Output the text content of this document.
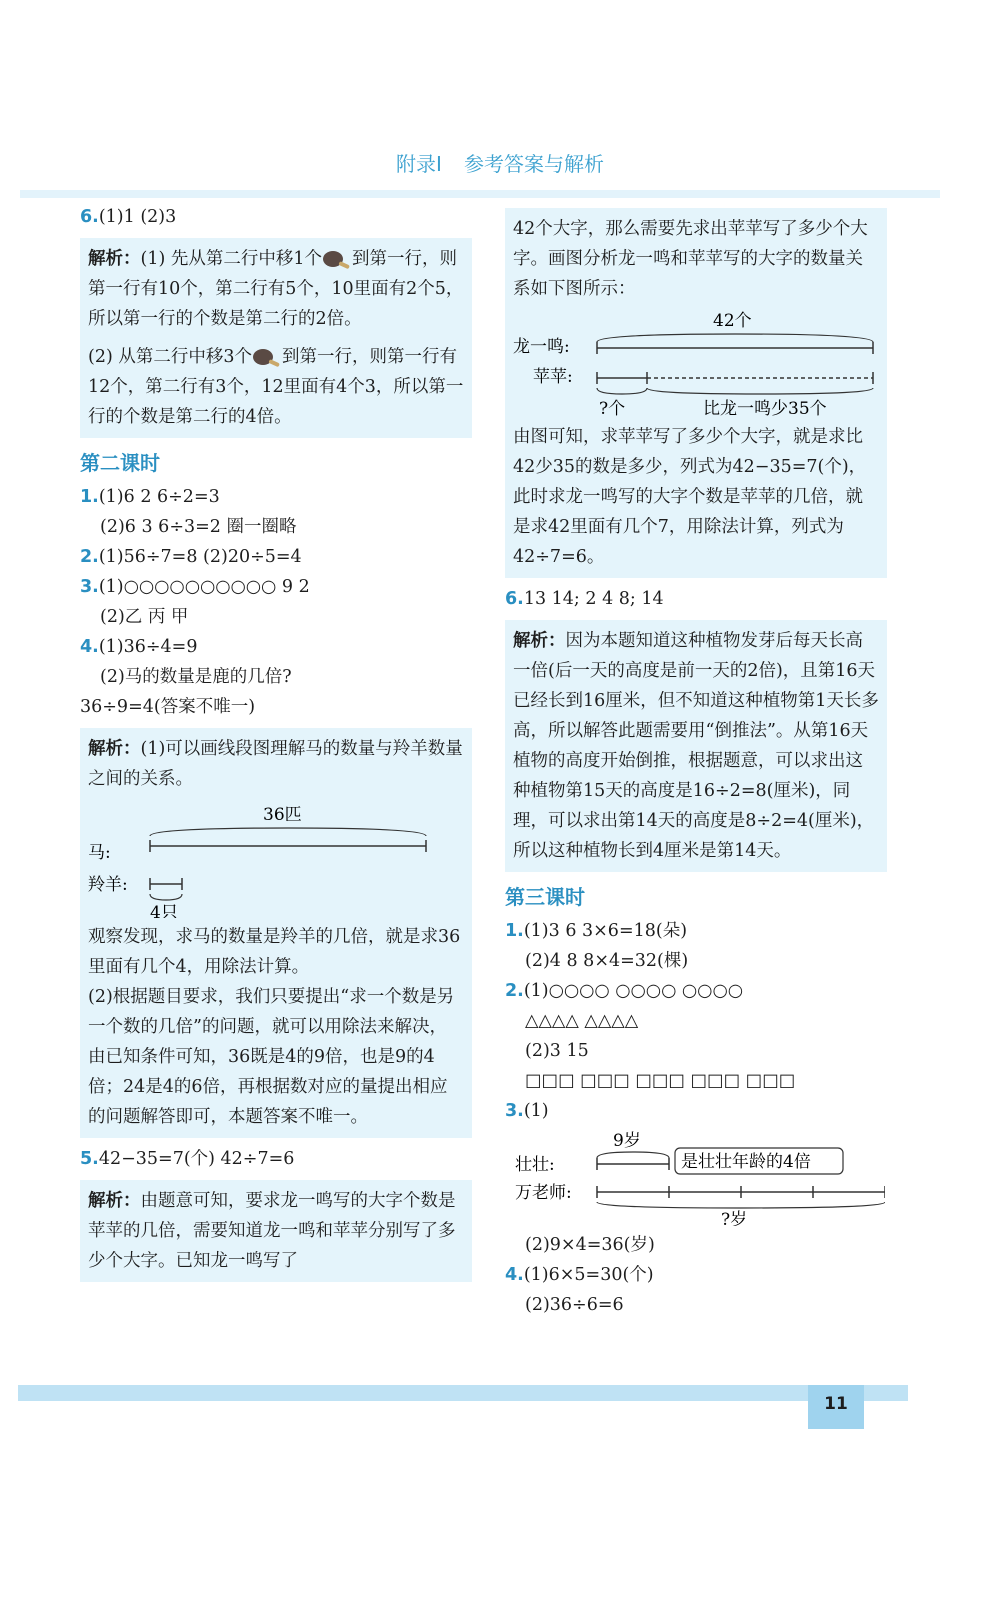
附录Ⅰ 参考答案与解析
6.(1)1 (2)3

解析：(1) 先从第二行中移1个 到第一行，则第一行有10个，第二行有5个，10里面有2个5，所以第一行的个数是第二行的2倍。

(2) 从第二行中移3个 到第一行，则第一行有12个，第二行有3个，12里面有4个3，所以第一行的个数是第二行的4倍。

第二课时
1.(1)6 2 6÷2=3
(2)6 3 6÷3=2 圈一圈略
2.(1)56÷7=8 (2)20÷5=4
3.(1)○○○○○○○○○○ 9 2
(2)乙 丙 甲
4.(1)36÷4=9
(2)马的数量是鹿的几倍?
36÷9=4(答案不唯一)

解析：(1)可以画线段图理解马的数量与羚羊数量之间的关系。

36匹
马:
羚羊:
4只

观察发现，求马的数量是羚羊的几倍，就是求36里面有几个4，用除法计算。

(2)根据题目要求，我们只要提出“求一个数是另一个数的几倍”的问题，就可以用除法来解决，由已知条件可知，36既是4的9倍，也是9的4倍；24是4的6倍，再根据数对应的量提出相应的问题解答即可，本题答案不唯一。

5.42−35=7(个) 42÷7=6

解析：由题意可知，要求龙一鸣写的大字个数是苹苹的几倍，需要知道龙一鸣和苹苹分别写了多少个大字。已知龙一鸣写了

42个大字，那么需要先求出苹苹写了多少个大字。画图分析龙一鸣和苹苹写的大字的数量关系如下图所示：

42个
龙一鸣:
苹苹:
?个	比龙一鸣少35个

由图可知，求苹苹写了多少个大字，就是求比42少35的数是多少，列式为42−35=7(个)，此时求龙一鸣写的大字个数是苹苹的几倍，就是求42里面有几个7，用除法计算，列式为42÷7=6。

6.13 14; 2 4 8; 14

解析：因为本题知道这种植物发芽后每天长高一倍(后一天的高度是前一天的2倍)，且第16天已经长到16厘米，但不知道这种植物第1天长多高，所以解答此题需要用“倒推法”。从第16天植物的高度开始倒推，根据题意，可以求出这种植物第15天的高度是16÷2=8(厘米)，同理，可以求出第14天的高度是8÷2=4(厘米)，所以这种植物长到4厘米是第14天。

第三课时
1.(1)3 6 3×6=18(朵)
(2)4 8 8×4=32(棵)
2.(1)○○○○ ○○○○ ○○○○
△△△△ △△△△
(2)3 15
□□□ □□□ □□□ □□□ □□□
3.(1)
9岁
壮壮:	是壮壮年龄的4倍
万老师:
?岁
(2)9×4=36(岁)
4.(1)6×5=30(个)
(2)36÷6=6
11
